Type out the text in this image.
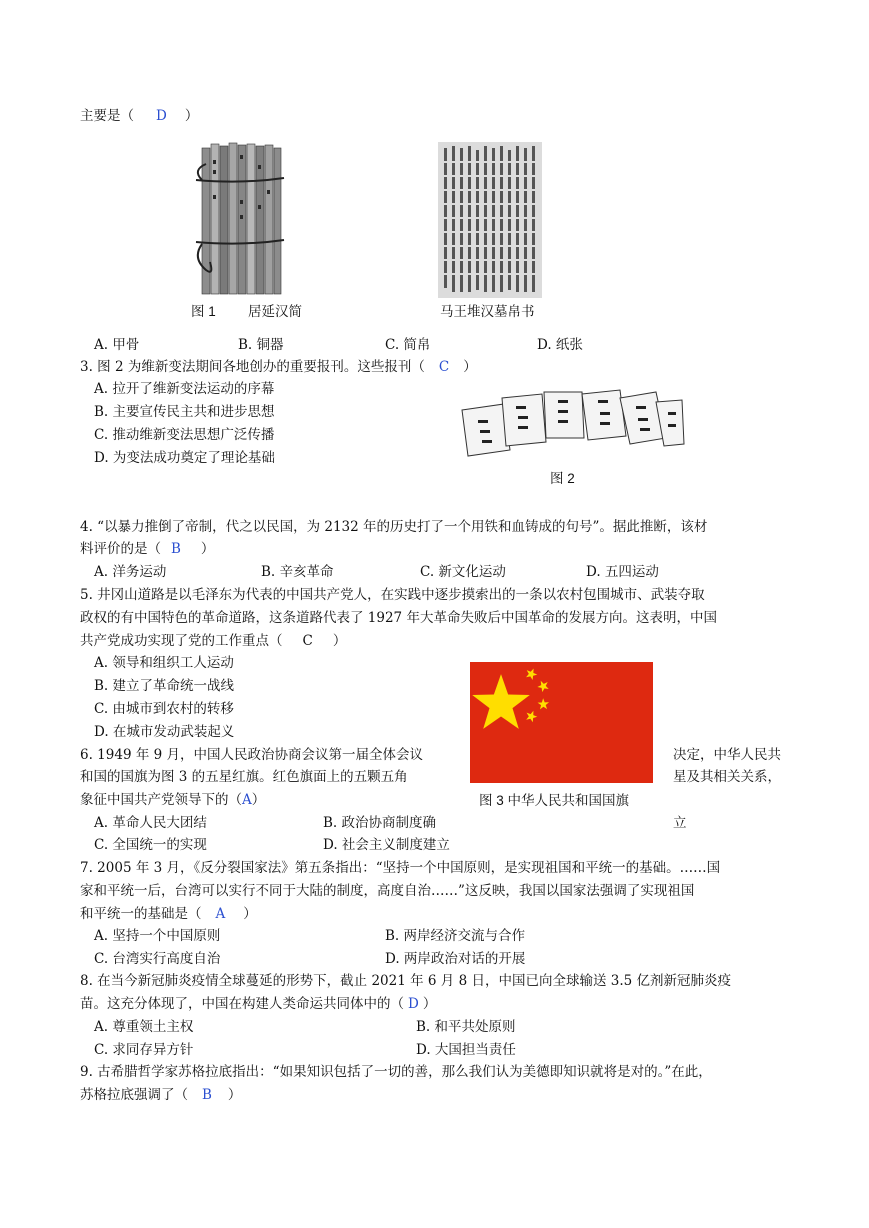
主要是（ D ）
图 1 居延汉简	马王堆汉墓帛书
A. 甲骨	B. 铜器	C. 简帛	D. 纸张
3. 图 2 为维新变法期间各地创办的重要报刊。这些报刊（ C ）
A. 拉开了维新变法运动的序幕
B. 主要宣传民主共和进步思想
C. 推动维新变法思想广泛传播
D. 为变法成功奠定了理论基础
图 2
4. “以暴力推倒了帝制，代之以民国，为 2132 年的历史打了一个用铁和血铸成的句号”。据此推断，该材
料评价的是（ B ）
A. 洋务运动	B. 辛亥革命	C. 新文化运动	D. 五四运动
5. 井冈山道路是以毛泽东为代表的中国共产党人，在实践中逐步摸索出的一条以农村包围城市、武装夺取
政权的有中国特色的革命道路，这条道路代表了 1927 年大革命失败后中国革命的发展方向。这表明，中国
共产党成功实现了党的工作重点（ C ）
A. 领导和组织工人运动
B. 建立了革命统一战线
C. 由城市到农村的转移
D. 在城市发动武装起义
6. 1949 年 9 月，中国人民政治协商会议第一届全体会议	决定，中华人民共
和国的国旗为图 3 的五星红旗。红色旗面上的五颗五角	星及其相关关系，
象征中国共产党领导下的（A）	图 3 中华人民共和国国旗
A. 革命人民大团结	B. 政治协商制度确	立
C. 全国统一的实现	D. 社会主义制度建立
7. 2005 年 3 月，《反分裂国家法》第五条指出：“坚持一个中国原则，是实现祖国和平统一的基础。……国
家和平统一后，台湾可以实行不同于大陆的制度，高度自治……”这反映，我国以国家法强调了实现祖国
和平统一的基础是（ A ）
A. 坚持一个中国原则	B. 两岸经济交流与合作
C. 台湾实行高度自治	D. 两岸政治对话的开展
8. 在当今新冠肺炎疫情全球蔓延的形势下，截止 2021 年 6 月 8 日，中国已向全球输送 3.5 亿剂新冠肺炎疫
苗。这充分体现了，中国在构建人类命运共同体中的（ D ）
A. 尊重领土主权	B. 和平共处原则
C. 求同存异方针	D. 大国担当责任
9. 古希腊哲学家苏格拉底指出：“如果知识包括了一切的善，那么我们认为美德即知识就将是对的。”在此，
苏格拉底强调了（ B ）
